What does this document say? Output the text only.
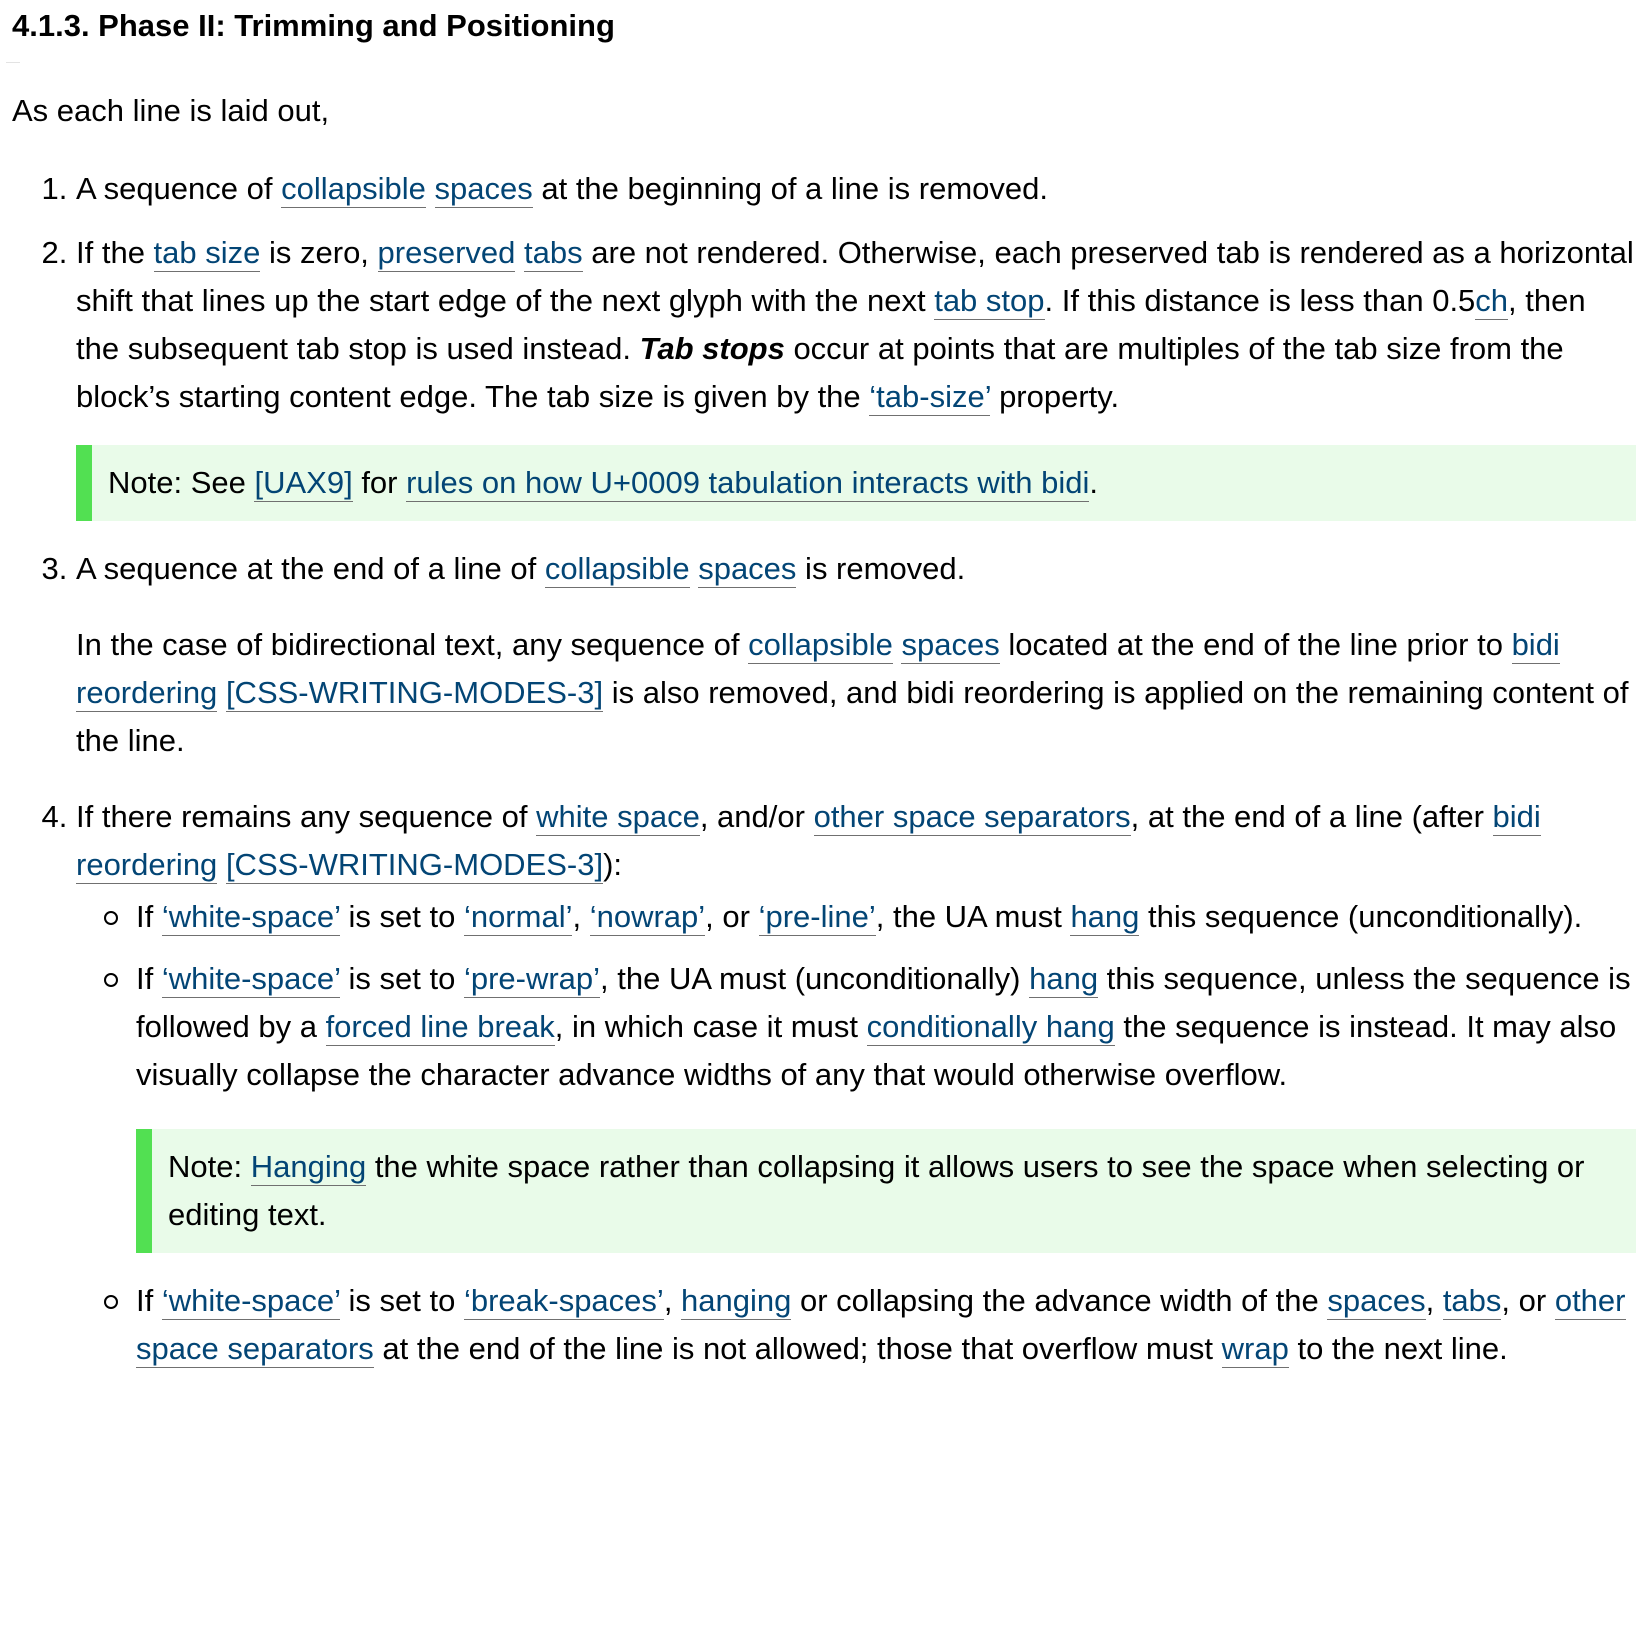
4.1.3. Phase II: Trimming and Positioning

As each line is laid out,

1. A sequence of collapsible spaces at the beginning of a line is removed.
2. If the tab size is zero, preserved tabs are not rendered. Otherwise, each preserved tab is rendered as a horizontal shift that lines up the start edge of the next glyph with the next tab stop. If this distance is less than 0.5ch, then the subsequent tab stop is used instead. Tab stops occur at points that are multiples of the tab size from the block’s starting content edge. The tab size is given by the ‘tab-size’ property.
Note: See [UAX9] for rules on how U+0009 tabulation interacts with bidi.
3. A sequence at the end of a line of collapsible spaces is removed.

In the case of bidirectional text, any sequence of collapsible spaces located at the end of the line prior to bidi reordering [CSS-WRITING-MODES-3] is also removed, and bidi reordering is applied on the remaining content of the line.

4. If there remains any sequence of white space, and/or other space separators, at the end of a line (after bidi reordering [CSS-WRITING-MODES-3]):
If ‘white-space’ is set to ‘normal’, ‘nowrap’, or ‘pre-line’, the UA must hang this sequence (unconditionally).
If ‘white-space’ is set to ‘pre-wrap’, the UA must (unconditionally) hang this sequence, unless the sequence is followed by a forced line break, in which case it must conditionally hang the sequence is instead. It may also visually collapse the character advance widths of any that would otherwise overflow.
Note: Hanging the white space rather than collapsing it allows users to see the space when selecting or editing text.
If ‘white-space’ is set to ‘break-spaces’, hanging or collapsing the advance width of the spaces, tabs, or other space separators at the end of the line is not allowed; those that overflow must wrap to the next line.
